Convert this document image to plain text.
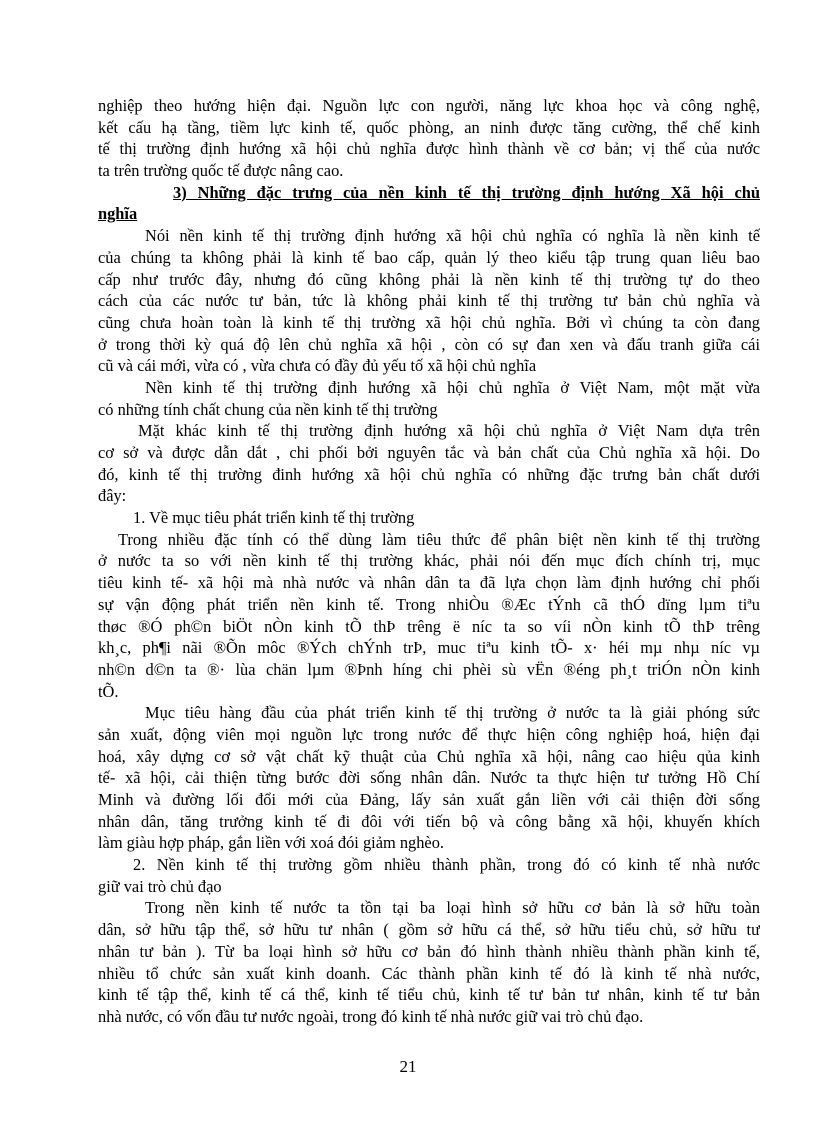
nghiệp theo hướng hiện đại. Nguồn lực con người, năng lực khoa học và công nghệ,
kết cấu hạ tầng, tiềm lực kinh tế, quốc phòng, an ninh được tăng cường, thể chế kinh
tế thị trường định hướng xã hội chủ nghĩa được hình thành về cơ bản; vị thế của nước
ta trên trường quốc tế được nâng cao.
3) Những đặc trưng của nền kinh tế thị trường định hướng Xã hội chủ
nghĩa
Nói nền kinh tế thị trường định hướng xã hội chủ nghĩa có nghĩa là nền kinh tế
của chúng ta không phải là kinh tế bao cấp, quản lý theo kiểu tập trung quan liêu bao
cấp như trước đây, nhưng đó cũng không phải là nền kinh tế thị trường tự do theo
cách của các nước tư bản, tức là không phải kinh tế thị trường tư bản chủ nghĩa và
cũng chưa hoàn toàn là kinh tế thị trường xã hội chủ nghĩa. Bởi vì chúng ta còn đang
ở trong thời kỳ quá độ lên chủ nghĩa xã hội , còn có sự đan xen và đấu tranh giữa cái
cũ và cái mới, vừa có , vừa chưa có đầy đủ yếu tố xã hội chủ nghĩa
Nền kinh tế thị trường định hướng xã hội chủ nghĩa ở Việt Nam, một mặt vừa
có những tính chất chung của nền kinh tế thị trường
Mặt khác kinh tế thị trường định hướng xã hội chủ nghĩa ở Việt Nam dựa trên
cơ sở và được dẫn dắt , chi phối bởi nguyên tắc và bản chất của Chủ nghĩa xã hội. Do
đó, kinh tế thị trường đinh hướng xã hội chủ nghĩa có những đặc trưng bản chất dưới
đây:
1. Về mục tiêu phát triển kinh tế thị trường
Trong nhiều đặc tính có thể dùng làm tiêu thức để phân biệt nền kinh tế thị trường
ở nước ta so với nền kinh tế thị trường khác, phải nói đến mục đích chính trị, mục
tiêu kinh tế- xã hội mà nhà nước và nhân dân ta đã lựa chọn làm định hướng chỉ phối
sự vận động phát triển nền kinh tế. Trong nhiÒu ®Æc tÝnh cã thÓ dïng lµm tiªu
thøc ®Ó ph©n biÖt nÒn kinh tÕ thÞ trêng ë níc ta so víi nÒn kinh tÕ thÞ trêng
kh¸c, ph¶i nãi ®Õn môc ®Ých chÝnh trÞ, muc tiªu kinh tÕ- x· héi mµ nhµ níc vµ
nh©n d©n ta ®· lùa chän lµm ®Þnh híng chi phèi sù vËn ®éng ph¸t triÓn nÒn kinh
tÕ.
Mục tiêu hàng đầu của phát triển kinh tế thị trường ở nước ta là giải phóng sức
sản xuất, động viên mọi nguồn lực trong nước để thực hiện công nghiệp hoá, hiện đại
hoá, xây dựng cơ sở vật chất kỹ thuật của Chủ nghĩa xã hội, nâng cao hiệu qủa kinh
tế- xã hội, cải thiện từng bước đời sống nhân dân. Nước ta thực hiện tư tưởng Hồ Chí
Minh và đường lối đổi mới của Đảng, lấy sản xuất gắn liền với cải thiện đời sống
nhân dân, tăng trưởng kinh tế đi đôi với tiến bộ và công bằng xã hội, khuyến khích
làm giàu hợp pháp, gắn liền với xoá đói giảm nghèo.
2. Nền kinh tế thị trường gồm nhiều thành phần, trong đó có kinh tế nhà nước
giữ vai trò chủ đạo
Trong nền kinh tế nước ta tồn tại ba loại hình sở hữu cơ bản là sở hữu toàn
dân, sở hữu tập thể, sở hữu tư nhân ( gồm sở hữu cá thể, sở hữu tiểu chủ, sở hữu tư
nhân tư bản ). Từ ba loại hình sở hữu cơ bản đó hình thành nhiều thành phần kinh tế,
nhiều tổ chức sản xuất kinh doanh. Các thành phần kinh tế đó là kinh tế nhà nước,
kinh tế tập thể, kinh tế cá thể, kinh tế tiểu chủ, kinh tế tư bản tư nhân, kinh tế tư bản
nhà nước, có vốn đầu tư nước ngoài, trong đó kinh tế nhà nước giữ vai trò chủ đạo.
21
